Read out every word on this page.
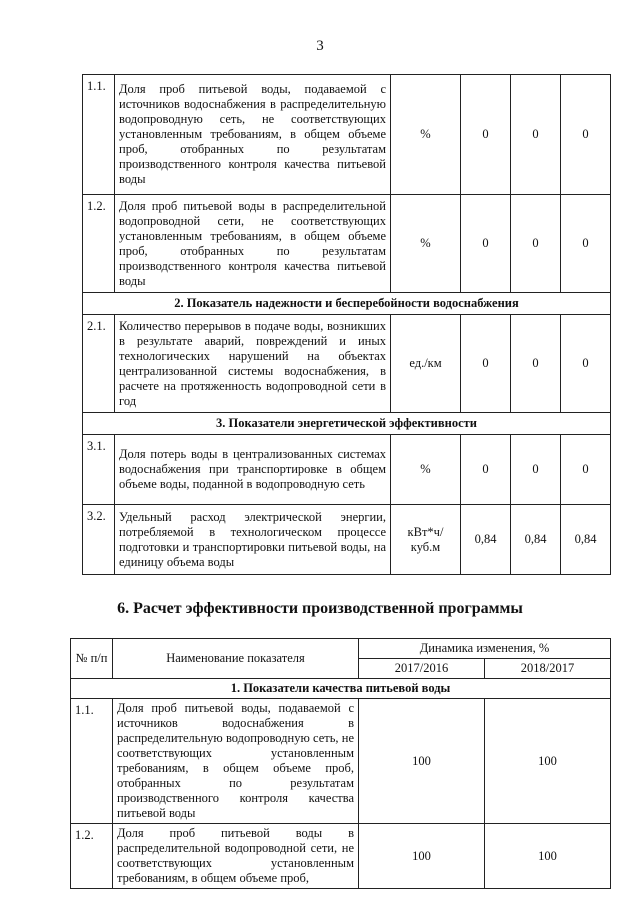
3
1.1.	Доля проб питьевой воды, подаваемой с источников водоснабжения в распределительную водопроводную сеть, не соответствующих установленным требованиям, в общем объеме проб, отобранных по результатам производственного контроля качества питьевой воды	%	0	0	0
1.2.	Доля проб питьевой воды в распределительной водопроводной сети, не соответствующих установленным требованиям, в общем объеме проб, отобранных по результатам производственного контроля качества питьевой воды	%	0	0	0
2. Показатель надежности и бесперебойности водоснабжения					
2.1.	Количество перерывов в подаче воды, возникших в результате аварий, повреждений и иных технологических нарушений на объектах централизованной системы водоснабжения, в расчете на протяженность водопроводной сети в год	ед./км	0	0	0
3. Показатели энергетической эффективности					
3.1.	Доля потерь воды в централизованных системах водоснабжения при транспортировке в общем объеме воды, поданной в водопроводную сеть	%	0	0	0
3.2.	Удельный расход электрической энергии, потребляемой в технологическом процессе подготовки и транспортировки питьевой воды, на единицу объема воды	кВт*ч/ куб.м	0,84	0,84	0,84
6. Расчет эффективности производственной программы
№ п/п	Наименование показателя	Динамика изменения, %	
		2017/2016	2018/2017
1. Показатели качества питьевой воды			
1.1.	Доля проб питьевой воды, подаваемой с источников водоснабжения в распределительную водопроводную сеть, не соответствующих установленным требованиям, в общем объеме проб, отобранных по результатам производственного контроля качества питьевой воды	100	100
1.2.	Доля проб питьевой воды в распределительной водопроводной сети, не соответствующих установленным требованиям, в общем объеме проб,	100	100
